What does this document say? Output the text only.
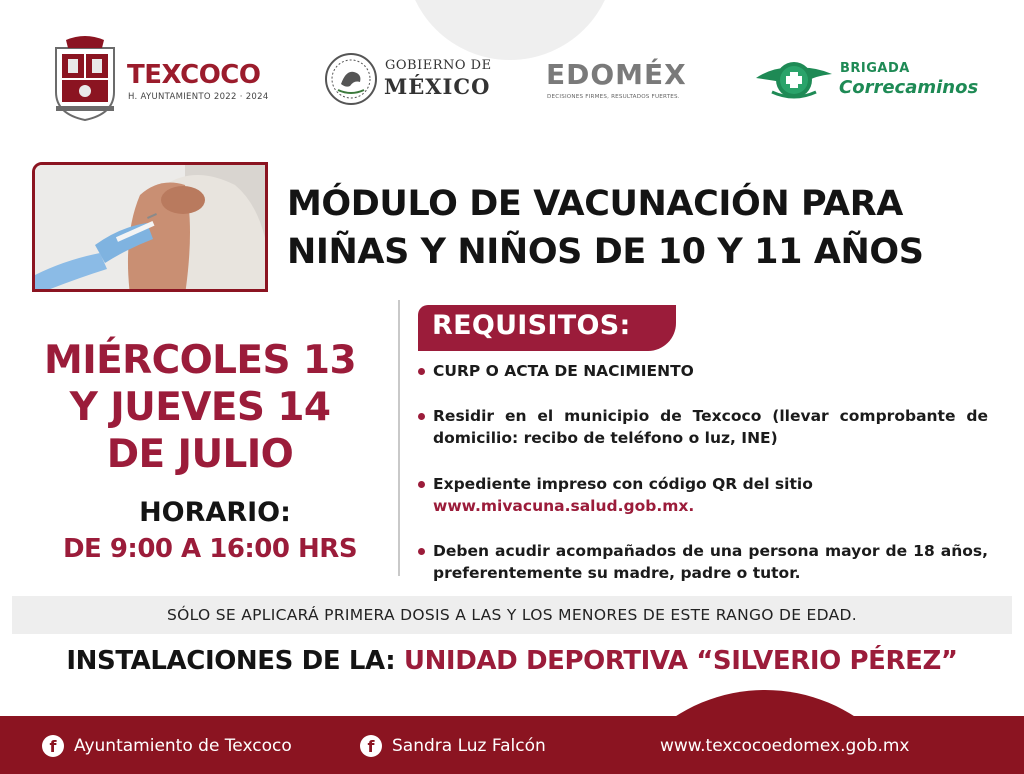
TEXCOCO
H. AYUNTAMIENTO 2022 · 2024
GOBIERNO DE
MÉXICO EDOMÉX
DECISIONES FIRMES, RESULTADOS FUERTES.
BRIGADA
Correcaminos
MÓDULO DE VACUNACIÓN PARA
NIÑAS Y NIÑOS DE 10 Y 11 AÑOS
MIÉRCOLES 13
Y JUEVES 14
DE JULIO
HORARIO:
DE 9:00 A 16:00 HRS
REQUISITOS:
CURP O ACTA DE NACIMIENTO
Residir en el municipio de Texcoco (llevar comprobante de domicilio: recibo de teléfono o luz, INE)
Expediente impreso con código QR del sitio
www.mivacuna.salud.gob.mx.
Deben acudir acompañados de una persona mayor de 18 años, preferentemente su madre, padre o tutor.
SÓLO SE APLICARÁ PRIMERA DOSIS A LAS Y LOS MENORES DE ESTE RANGO DE EDAD.
INSTALACIONES DE LA: UNIDAD DEPORTIVA “SILVERIO PÉREZ”
f	Ayuntamiento de Texcoco	f	Sandra Luz Falcón	www.texcocoedomex.gob.mx
